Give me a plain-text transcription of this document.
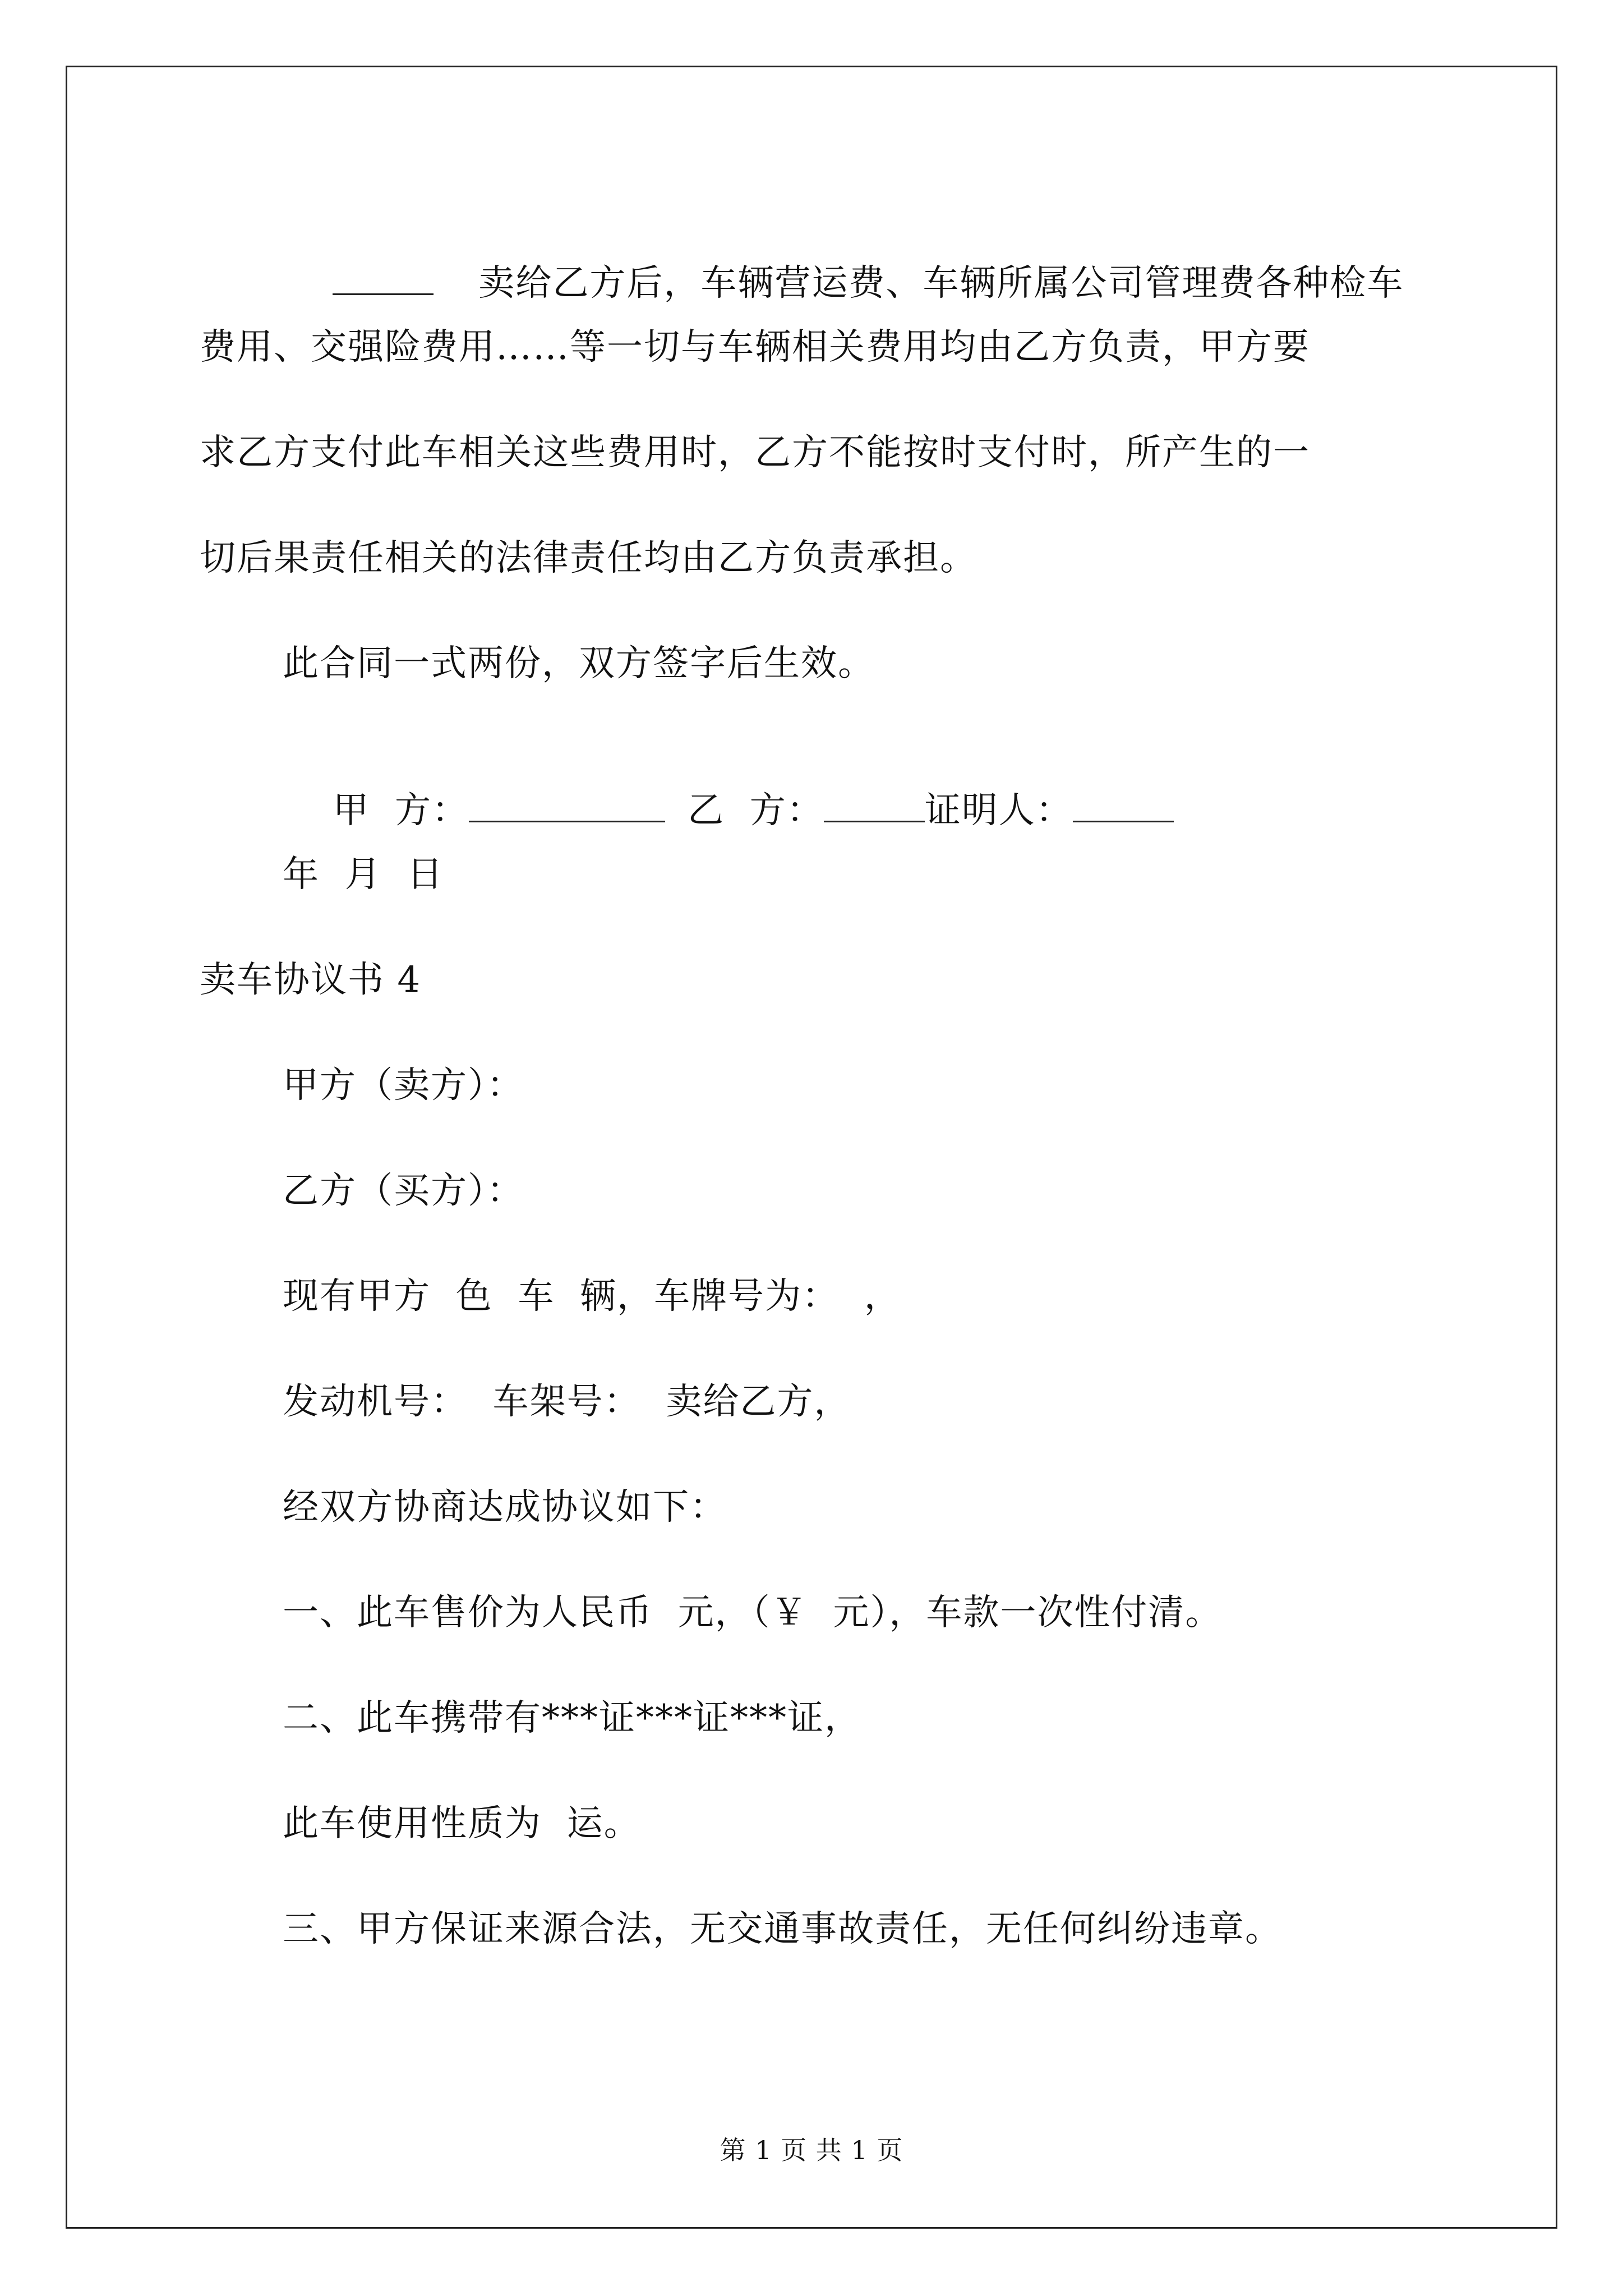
卖给乙方后，车辆营运费、车辆所属公司管理费各种检车

费用、交强险费用……等一切与车辆相关费用均由乙方负责，甲方要
求乙方支付此车相关这些费用时，乙方不能按时支付时，所产生的一
切后果责任相关的法律责任均由乙方负责承担。
此合同一式两份，双方签字后生效。

甲  方：	乙  方：	证明人：

年  月  日
卖车协议书 4
甲方（卖方）：
乙方（买方）：
现有甲方  色  车  辆，车牌号为：  ，
发动机号：  车架号：  卖给乙方，
经双方协商达成协议如下：
一、此车售价为人民币  元，（￥  元），车款一次性付清。
二、此车携带有***证***证***证，
此车使用性质为  运。
三、甲方保证来源合法，无交通事故责任，无任何纠纷违章。
第 1 页 共 1 页
